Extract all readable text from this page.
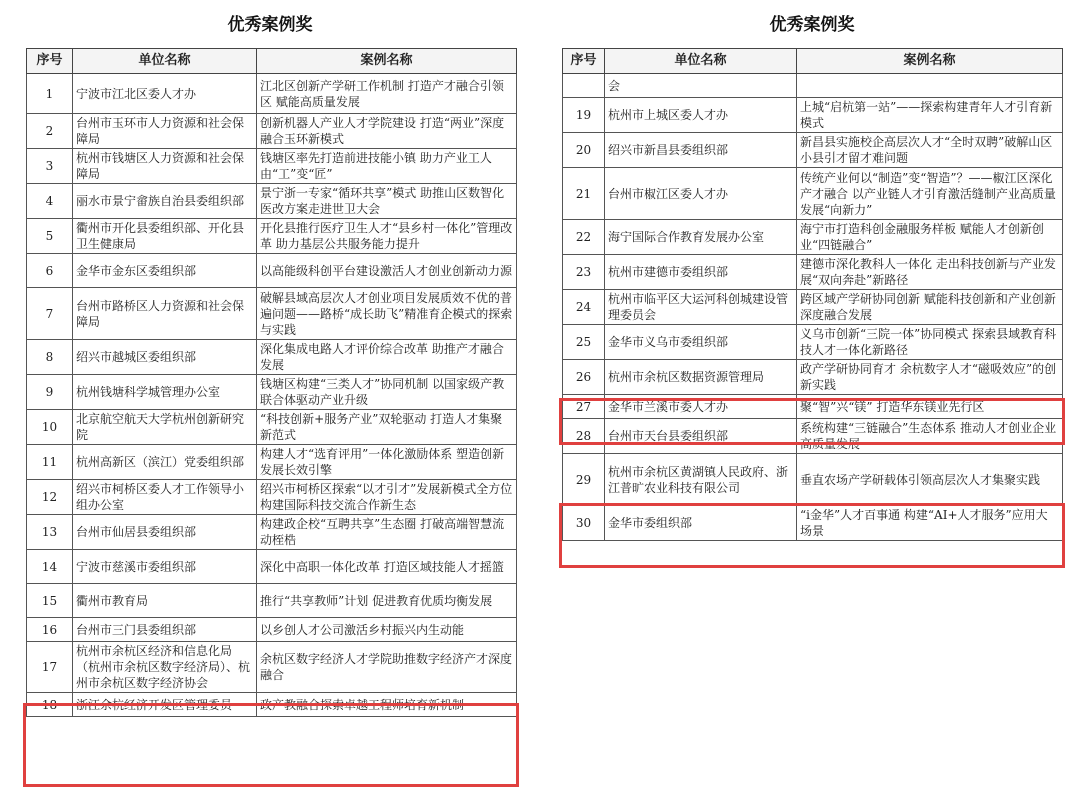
优秀案例奖
序号	单位名称	案例名称
1	宁波市江北区委人才办	江北区创新产学研工作机制 打造产才融合引领区 赋能高质量发展
2	台州市玉环市人力资源和社会保障局	创新机器人产业人才学院建设 打造“两业”深度融合玉环新模式
3	杭州市钱塘区人力资源和社会保障局	钱塘区率先打造前进技能小镇 助力产业工人由“工”变“匠”
4	丽水市景宁畲族自治县委组织部	景宁浙一专家“循环共享”模式 助推山区数智化医改方案走进世卫大会
5	衢州市开化县委组织部、开化县卫生健康局	开化县推行医疗卫生人才“县乡村一体化”管理改革 助力基层公共服务能力提升
6	金华市金东区委组织部	以高能级科创平台建设激活人才创业创新动力源
7	台州市路桥区人力资源和社会保障局	破解县域高层次人才创业项目发展质效不优的普遍问题——路桥“成长助飞”精准育企模式的探索与实践
8	绍兴市越城区委组织部	深化集成电路人才评价综合改革 助推产才融合发展
9	杭州钱塘科学城管理办公室	钱塘区构建“三类人才”协同机制 以国家级产教联合体驱动产业升级
10	北京航空航天大学杭州创新研究院	“科技创新+服务产业”双轮驱动 打造人才集聚新范式
11	杭州高新区（滨江）党委组织部	构建人才“选育评用”一体化激励体系 塑造创新发展长效引擎
12	绍兴市柯桥区委人才工作领导小组办公室	绍兴市柯桥区探索“以才引才”发展新模式全方位构建国际科技交流合作新生态
13	台州市仙居县委组织部	构建政企校“互聘共享”生态圈 打破高端智慧流动桎梏
14	宁波市慈溪市委组织部	深化中高职一体化改革 打造区域技能人才摇篮
15	衢州市教育局	推行“共享教师”计划 促进教育优质均衡发展
16	台州市三门县委组织部	以乡创人才公司激活乡村振兴内生动能
17	杭州市余杭区经济和信息化局（杭州市余杭区数字经济局）、杭州市余杭区数字经济协会	余杭区数字经济人才学院助推数字经济产才深度融合
18	浙江余杭经济开发区管理委员	政产教融合探索卓越工程师培育新机制
优秀案例奖
序号	单位名称	案例名称
	会	
19	杭州市上城区委人才办	上城“启杭第一站”——探索构建青年人才引育新模式
20	绍兴市新昌县委组织部	新昌县实施校企高层次人才“全时双聘”破解山区小县引才留才难问题
21	台州市椒江区委人才办	传统产业何以“制造”变“智造”？——椒江区深化产才融合 以产业链人才引育激活缝制产业高质量发展“向新力”
22	海宁国际合作教育发展办公室	海宁市打造科创金融服务样板 赋能人才创新创业“四链融合”
23	杭州市建德市委组织部	建德市深化教科人一体化 走出科技创新与产业发展“双向奔赴”新路径
24	杭州市临平区大运河科创城建设管理委员会	跨区域产学研协同创新 赋能科技创新和产业创新深度融合发展
25	金华市义乌市委组织部	义乌市创新“三院一体”协同模式 探索县域教育科技人才一体化新路径
26	杭州市余杭区数据资源管理局	政产学研协同育才 余杭数字人才“磁吸效应”的创新实践
27	金华市兰溪市委人才办	聚“智”兴“镁” 打造华东镁业先行区
28	台州市天台县委组织部	系统构建“三链融合”生态体系 推动人才创业企业高质量发展
29	杭州市余杭区黄湖镇人民政府、浙江普旷农业科技有限公司	垂直农场产学研载体引领高层次人才集聚实践
30	金华市委组织部	“i金华”人才百事通 构建“AI+人才服务”应用大场景
